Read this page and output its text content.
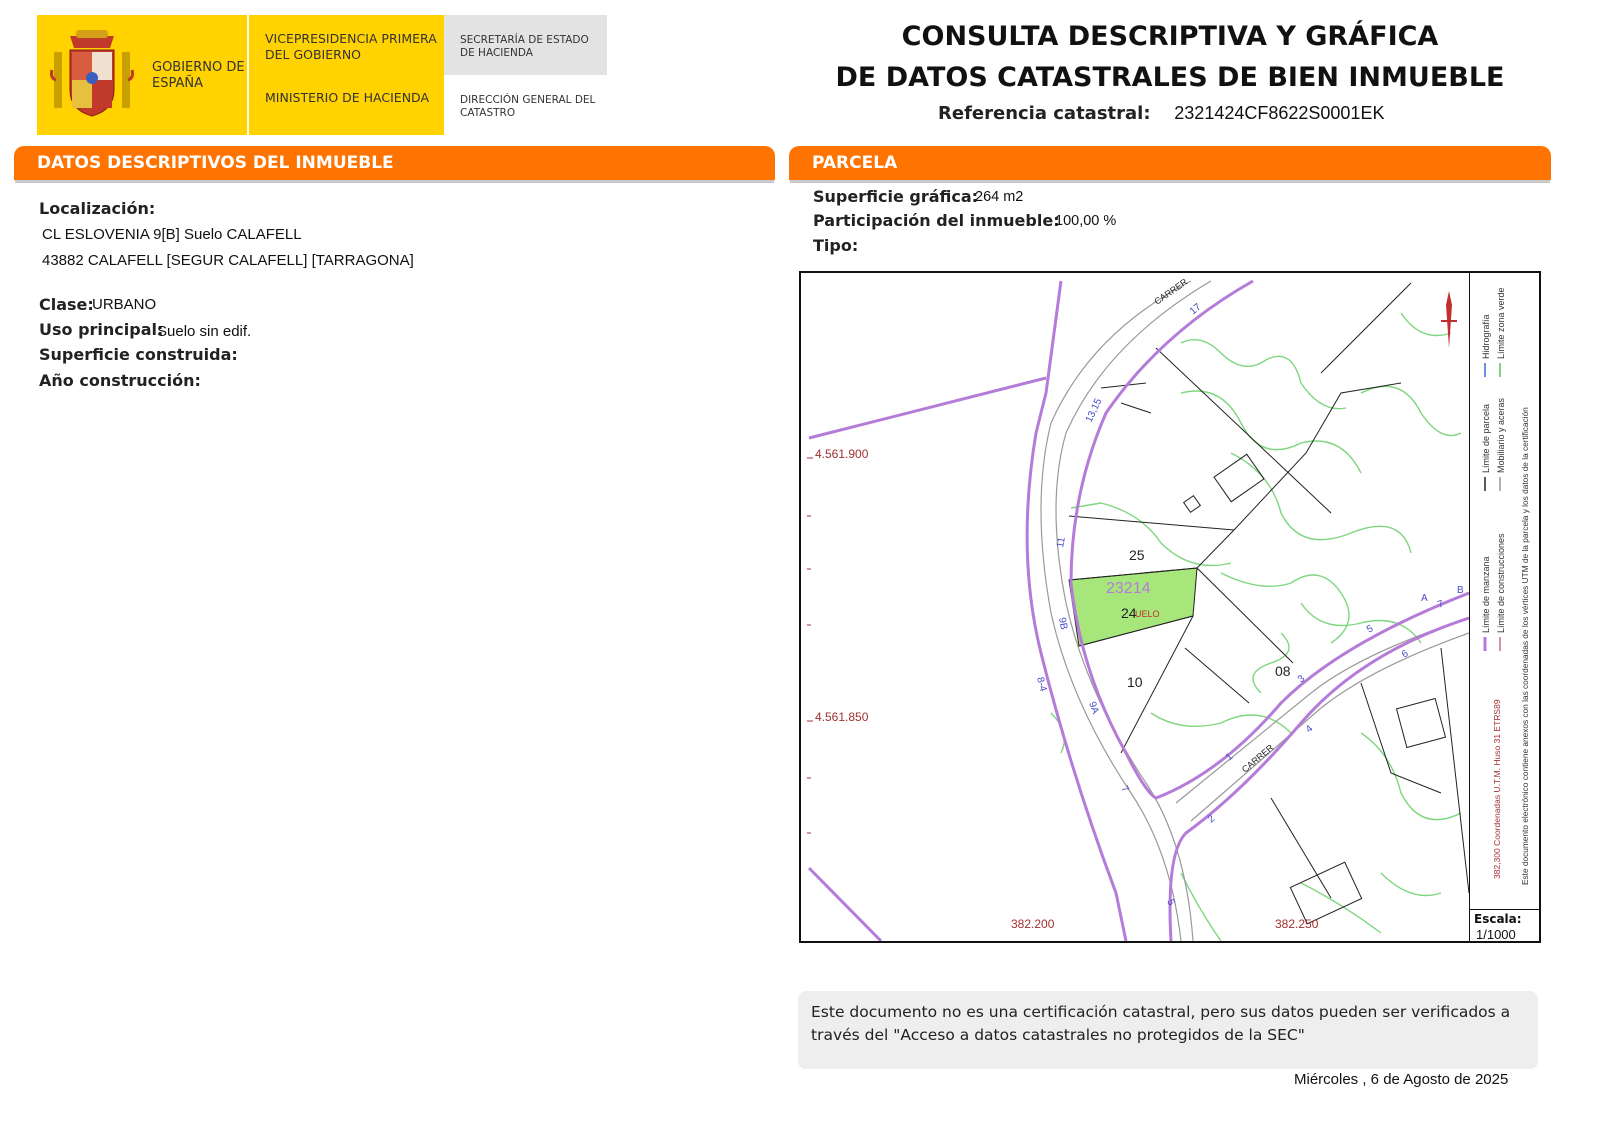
GOBIERNO DE ESPAÑA
VICEPRESIDENCIA PRIMERA DEL GOBIERNO
MINISTERIO DE HACIENDA
SECRETARÍA DE ESTADO DE HACIENDA
DIRECCIÓN GENERAL DEL CATASTRO
CONSULTA DESCRIPTIVA Y GRÁFICA
DE DATOS CATASTRALES DE BIEN INMUEBLE
Referencia catastral: 2321424CF8622S0001EK
DATOS DESCRIPTIVOS DEL INMUEBLE
Localización:
CL ESLOVENIA 9[B] Suelo CALAFELL
43882 CALAFELL [SEGUR CALAFELL] [TARRAGONA]
Clase:
URBANO
Uso principal:
Suelo sin edif.
Superficie construida:
Año construcción:
PARCELA
Superficie gráfica:
264 m2
Participación del inmueble:
100,00 %
Tipo:
4.561.900
4.561.850
382.200	382.250
23214
25
24
UELO
10
08
CARRER
CARRER
17
13,15
11
9B
9A
7
5
5
1
3
4
2
6
7
A
B
8-4
Límite de manzana
Límite de parcela
Hidrografía
Límite de construcciones
Mobiliario y aceras
Límite zona verde
382,300 Coordenadas U.T.M. Huso 31 ETRS89 Este documento electrónico contiene anexos con las coordenadas de los vértices UTM de la parcela y los datos de la certificación
Escala:
1/1000
Este documento no es una certificación catastral, pero sus datos pueden ser verificados a través del "Acceso a datos catastrales no protegidos de la SEC"
Miércoles , 6 de Agosto de 2025
